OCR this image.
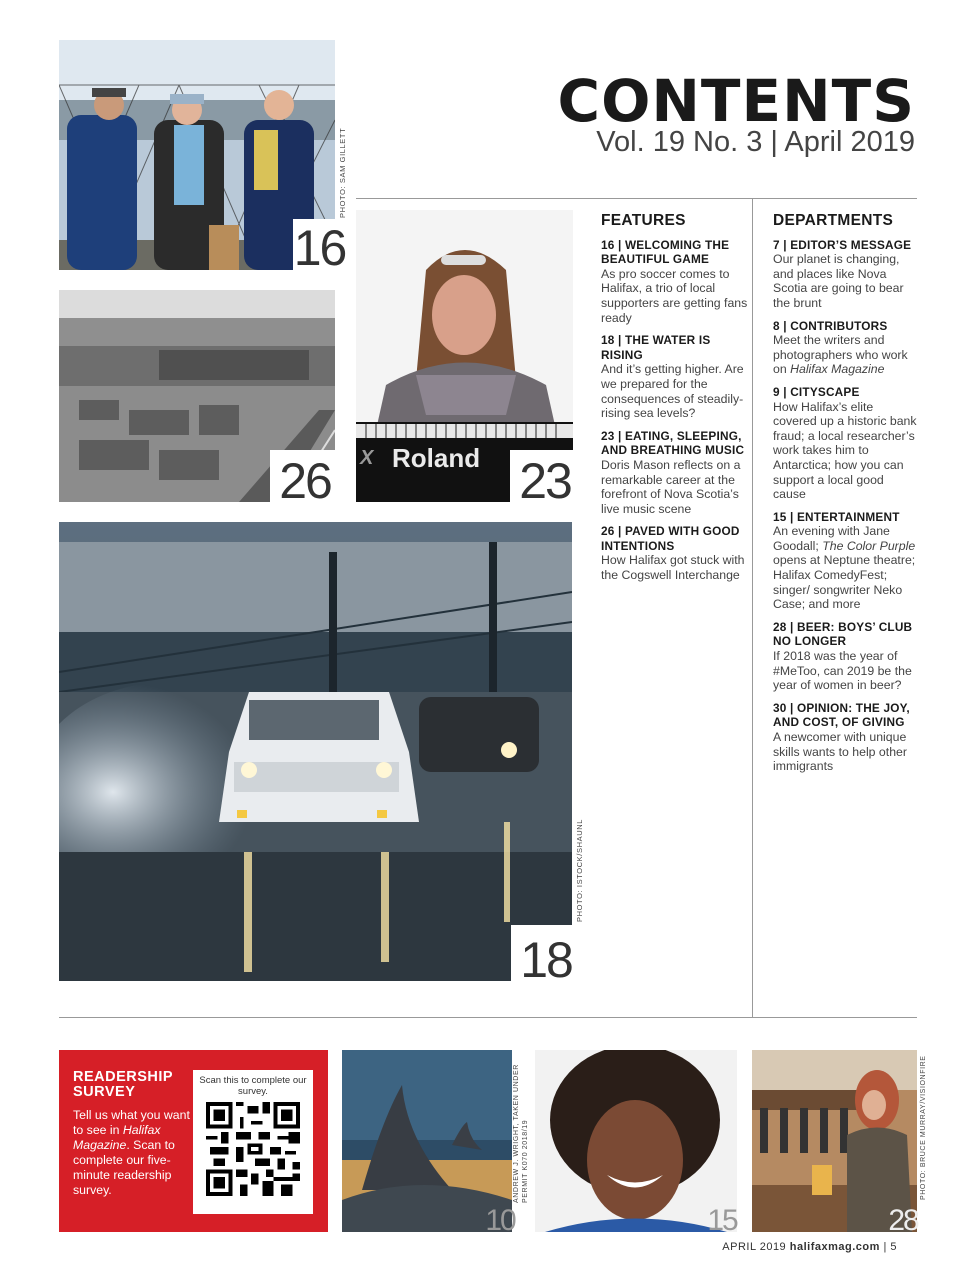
CONTENTS
Vol. 19 No. 3 | April 2019
16
PHOTO: SAM GILLETT
26	X Roland 23
18
PHOTO: ISTOCK/SHAUNL
FEATURES
16 | WELCOMING THE BEAUTIFUL GAME
As pro soccer comes to Halifax, a trio of local supporters are getting fans ready
18 | THE WATER IS RISING
And it’s getting higher. Are we prepared for the consequences of steadily-rising sea levels?
23 | EATING, SLEEPING, AND BREATHING MUSIC
Doris Mason reflects on a remarkable career at the forefront of Nova Scotia’s live music scene
26 | PAVED WITH GOOD INTENTIONS
How Halifax got stuck with the Cogswell Interchange
DEPARTMENTS
7 | EDITOR’S MESSAGE
Our planet is changing, and places like Nova Scotia are going to bear the brunt
8 | CONTRIBUTORS
Meet the writers and photographers who work on Halifax Magazine
9 | CITYSCAPE
How Halifax’s elite covered up a historic bank fraud; a local researcher’s work takes him to Antarctica; how you can support a local good cause
15 | ENTERTAINMENT
An evening with Jane Goodall; The Color Purple opens at Neptune theatre; Halifax ComedyFest; singer/ songwriter Neko Case; and more
28 | BEER: BOYS’ CLUB NO LONGER
If 2018 was the year of #MeToo, can 2019 be the year of women in beer?
30 | OPINION: THE JOY, AND COST, OF GIVING
A newcomer with unique skills wants to help other immigrants
READERSHIP
SURVEY
Tell us what you want to see in Halifax Magazine. Scan to complete our five-minute readership survey.
Scan this to complete our survey.
10
ANDREW J. WRIGHT, TAKEN UNDER PERMIT K070 2018/19
15	28
PHOTO: BRUCE MURRAY/VISIONFIRE
APRIL 2019 halifaxmag.com | 5
